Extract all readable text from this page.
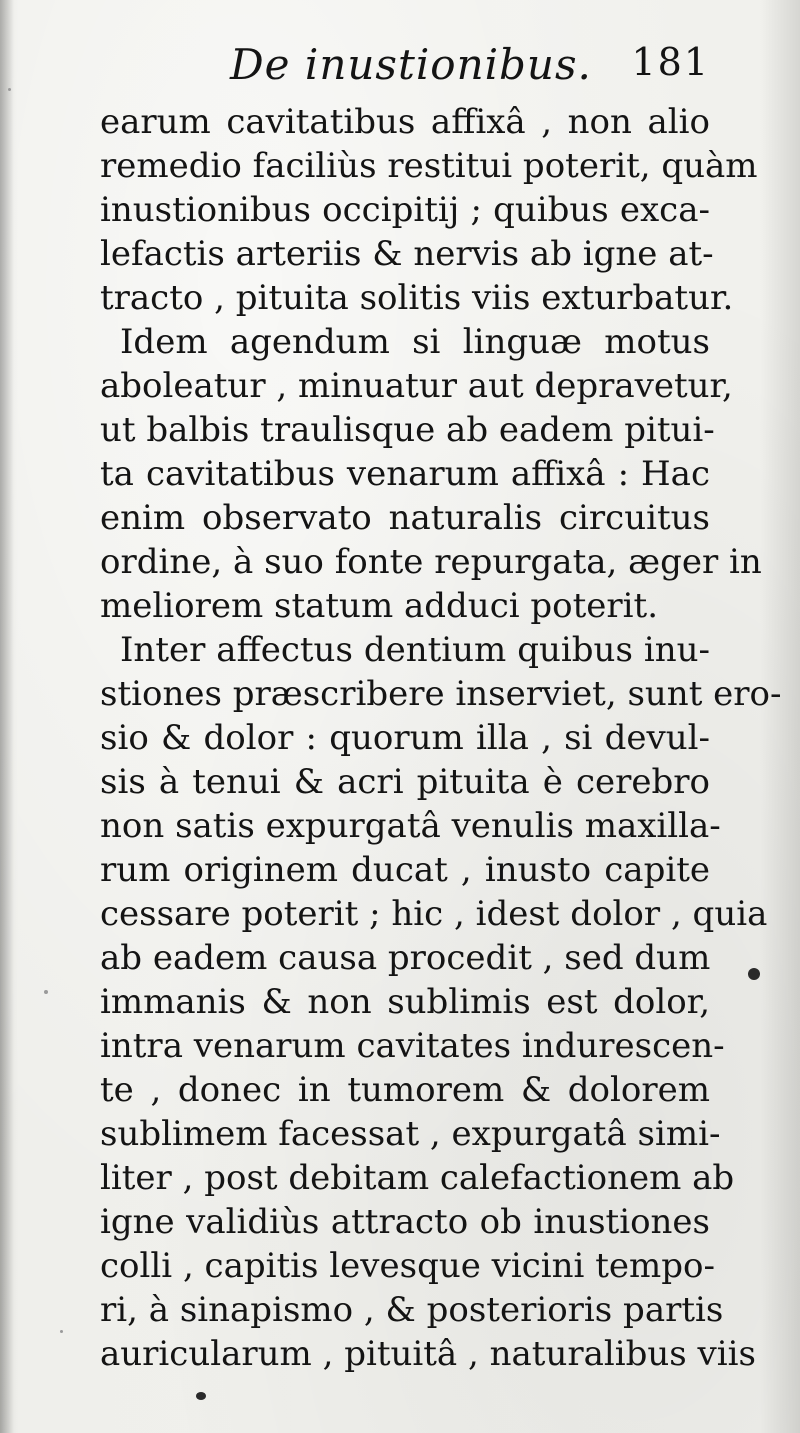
De inustionibus. 181
earum cavitatibus affixâ , non alio
remedio faciliùs restitui poterit, quàm
inustionibus occipitij ; quibus exca-
lefactis arteriis & nervis ab igne at-
tracto , pituita solitis viis exturbatur.
Idem agendum si linguæ motus
aboleatur , minuatur aut depravetur,
ut balbis traulisque ab eadem pitui-
ta cavitatibus venarum affixâ : Hac
enim observato naturalis circuitus
ordine, à suo fonte repurgata, æger in
meliorem statum adduci poterit.
Inter affectus dentium quibus inu-
stiones præscribere inserviet, sunt ero-
sio & dolor : quorum illa , si devul-
sis à tenui & acri pituita è cerebro
non satis expurgatâ venulis maxilla-
rum originem ducat , inusto capite
cessare poterit ; hic , idest dolor , quia
ab eadem causa procedit , sed dum
immanis & non sublimis est dolor,
intra venarum cavitates indurescen-
te , donec in tumorem & dolorem
sublimem facessat , expurgatâ simi-
liter , post debitam calefactionem ab
igne validiùs attracto ob inustiones
colli , capitis levesque vicini tempo-
ri, à sinapismo , & posterioris partis
auricularum , pituitâ , naturalibus viis
